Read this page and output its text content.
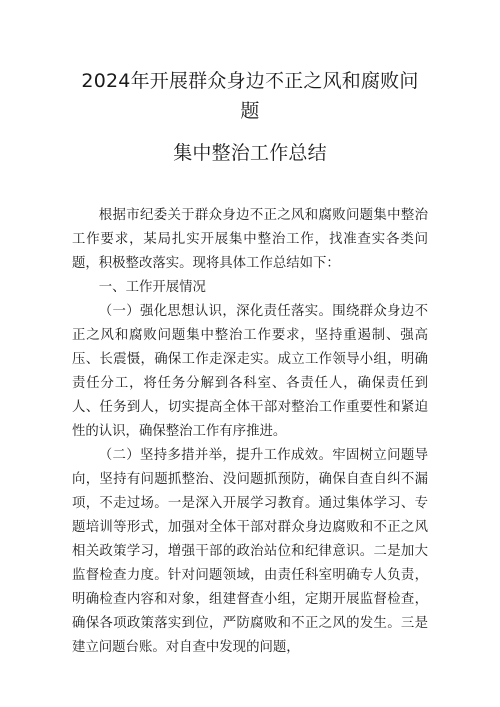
2024年开展群众身边不正之风和腐败问题
集中整治工作总结

根据市纪委关于群众身边不正之风和腐败问题集中整治工作要求，某局扎实开展集中整治工作，找准查实各类问题，积极整改落实。现将具体工作总结如下：

一、工作开展情况

（一）强化思想认识，深化责任落实。围绕群众身边不正之风和腐败问题集中整治工作要求，坚持重遏制、强高压、长震慑，确保工作走深走实。成立工作领导小组，明确责任分工，将任务分解到各科室、各责任人，确保责任到人、任务到人，切实提高全体干部对整治工作重要性和紧迫性的认识，确保整治工作有序推进。

（二）坚持多措并举，提升工作成效。牢固树立问题导向，坚持有问题抓整治、没问题抓预防，确保自查自纠不漏项，不走过场。一是深入开展学习教育。通过集体学习、专题培训等形式，加强对全体干部对群众身边腐败和不正之风相关政策学习，增强干部的政治站位和纪律意识。二是加大监督检查力度。针对问题领域，由责任科室明确专人负责，明确检查内容和对象，组建督查小组，定期开展监督检查，确保各项政策落实到位，严防腐败和不正之风的发生。三是建立问题台账。对自查中发现的问题，
